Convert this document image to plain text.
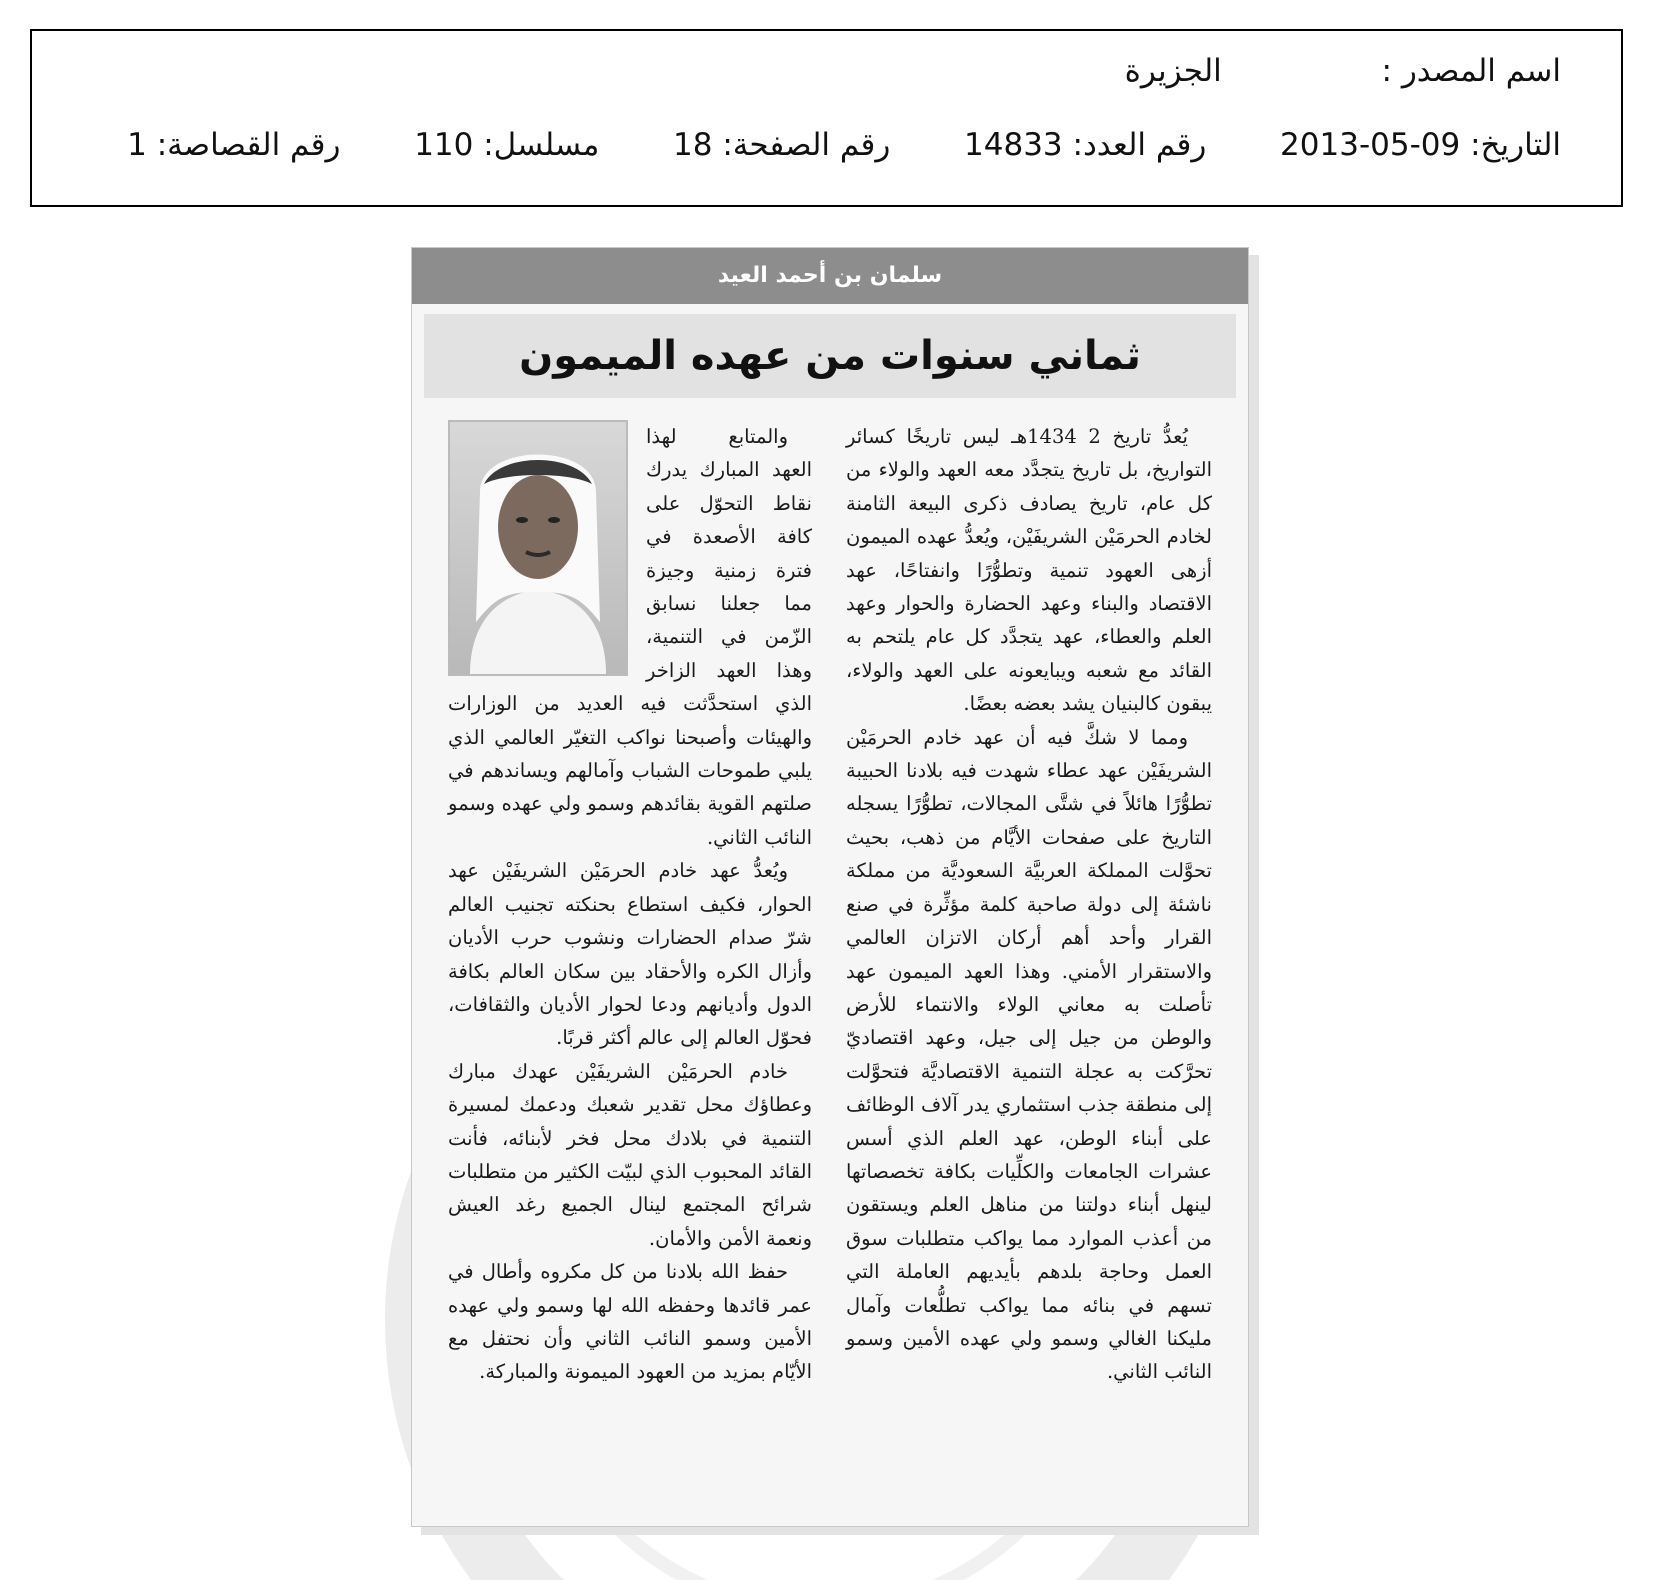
اسم المصدر :  الجزيرة
التاريخ: 09-05-2013  رقم العدد: 14833  رقم الصفحة: 18  مسلسل: 110  رقم القصاصة: 1
سلمان بن أحمد العيد
ثماني سنوات من عهده الميمون

يُعدُّ تاريخ 2 1434هـ ليس تاريخًا كسائر التواريخ، بل تاريخ يتجدَّد معه العهد والولاء من كل عام، تاريخ يصادف ذكرى البيعة الثامنة لخادم الحرمَيْن الشريفَيْن، ويُعدُّ عهده الميمون أزهى العهود تنمية وتطوُّرًا وانفتاحًا، عهد الاقتصاد والبناء وعهد الحضارة والحوار وعهد العلم والعطاء، عهد يتجدَّد كل عام يلتحم به القائد مع شعبه ويبايعونه على العهد والولاء، يبقون كالبنيان يشد بعضه بعضًا.

ومما لا شكَّ فيه أن عهد خادم الحرمَيْن الشريفَيْن عهد عطاء شهدت فيه بلادنا الحبيبة تطوُّرًا هائلاً في شتَّى المجالات، تطوُّرًا يسجله التاريخ على صفحات الأيَّام من ذهب، بحيث تحوَّلت المملكة العربيَّة السعوديَّة من مملكة ناشئة إلى دولة صاحبة كلمة مؤثِّرة في صنع القرار وأحد أهم أركان الاتزان العالمي والاستقرار الأمني. وهذا العهد الميمون عهد تأصلت به معاني الولاء والانتماء للأرض والوطن من جيل إلى جيل، وعهد اقتصاديّ تحرَّكت به عجلة التنمية الاقتصاديَّة فتحوَّلت إلى منطقة جذب استثماري يدر آلاف الوظائف على أبناء الوطن، عهد العلم الذي أسس عشرات الجامعات والكلِّيات بكافة تخصصاتها لينهل أبناء دولتنا من مناهل العلم ويستقون من أعذب الموارد مما يواكب متطلبات سوق العمل وحاجة بلدهم بأيديهم العاملة التي تسهم في بنائه مما يواكب تطلُّعات وآمال مليكنا الغالي وسمو ولي عهده الأمين وسمو النائب الثاني.

والمتابع لهذا العهد المبارك يدرك نقاط التحوّل على كافة الأصعدة في فترة زمنية وجيزة مما جعلنا نسابق الزّمن في التنمية، وهذا العهد الزاخر الذي استحدَّثت فيه العديد من الوزارات والهيئات وأصبحنا نواكب التغيّر العالمي الذي يلبي طموحات الشباب وآمالهم ويساندهم في صلتهم القوية بقائدهم وسمو ولي عهده وسمو النائب الثاني.

ويُعدُّ عهد خادم الحرمَيْن الشريفَيْن عهد الحوار، فكيف استطاع بحنكته تجنيب العالم شرّ صدام الحضارات ونشوب حرب الأديان وأزال الكره والأحقاد بين سكان العالم بكافة الدول وأديانهم ودعا لحوار الأديان والثقافات، فحوّل العالم إلى عالم أكثر قربًا.

خادم الحرمَيْن الشريفَيْن عهدك مبارك وعطاؤك محل تقدير شعبك ودعمك لمسيرة التنمية في بلادك محل فخر لأبنائه، فأنت القائد المحبوب الذي لبيّت الكثير من متطلبات شرائح المجتمع لينال الجميع رغد العيش ونعمة الأمن والأمان.

حفظ الله بلادنا من كل مكروه وأطال في عمر قائدها وحفظه الله لها وسمو ولي عهده الأمين وسمو النائب الثاني وأن نحتفل مع الأيّام بمزيد من العهود الميمونة والمباركة.
